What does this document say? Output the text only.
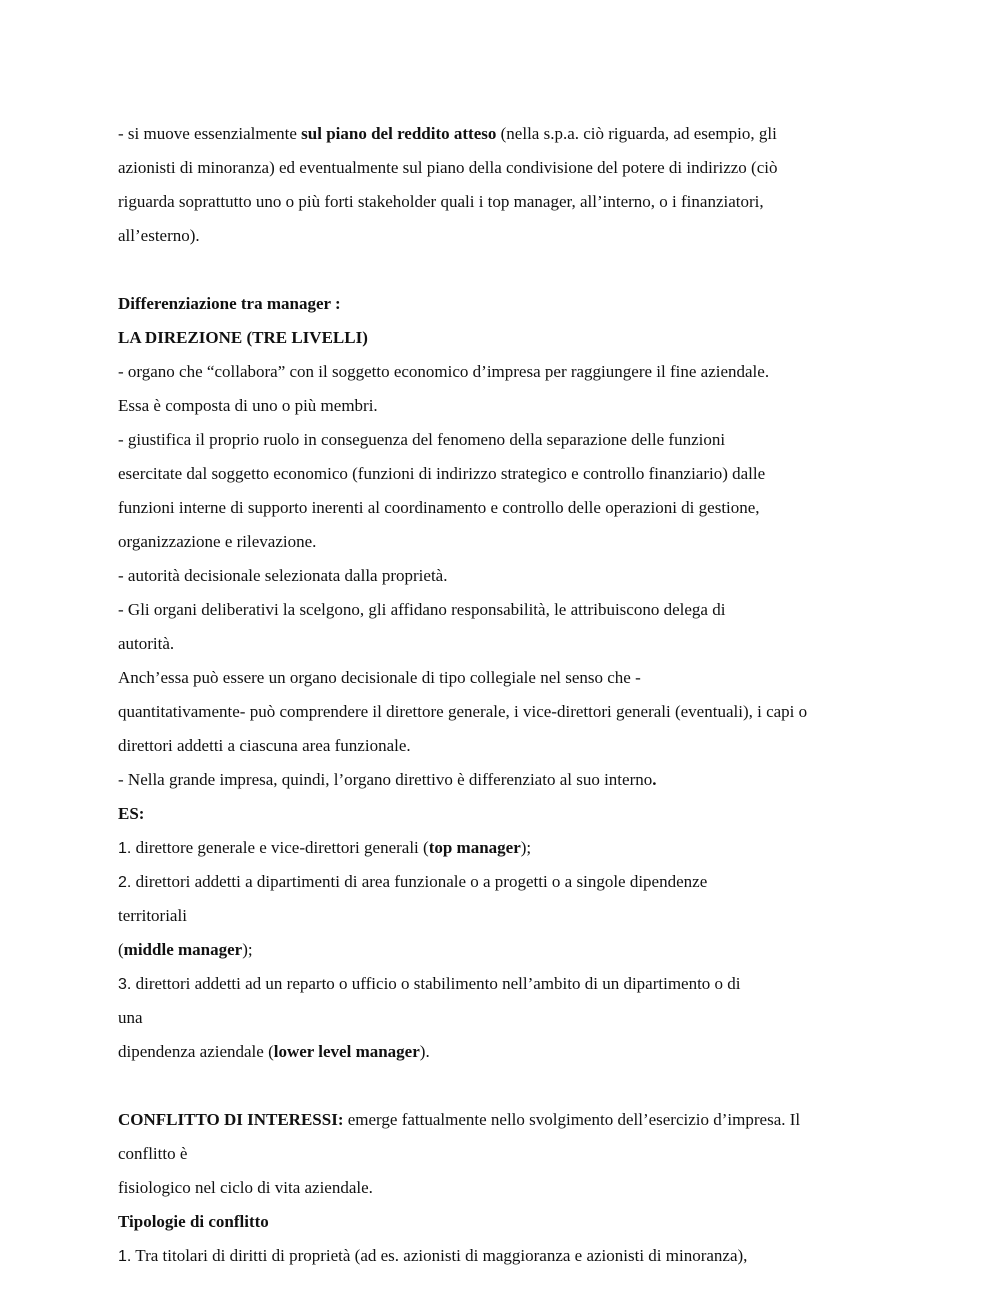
- si muove essenzialmente sul piano del reddito atteso (nella s.p.a. ciò riguarda, ad esempio, gli
azionisti di minoranza) ed eventualmente sul piano della condivisione del potere di indirizzo (ciò
riguarda soprattutto uno o più forti stakeholder quali i top manager, all’interno, o i finanziatori,
all’esterno).
Differenziazione tra manager :
LA DIREZIONE (TRE LIVELLI)
- organo che “collabora” con il soggetto economico d’impresa per raggiungere il fine aziendale.
Essa è composta di uno o più membri.
- giustifica il proprio ruolo in conseguenza del fenomeno della separazione delle funzioni
esercitate dal soggetto economico (funzioni di indirizzo strategico e controllo finanziario) dalle
funzioni interne di supporto inerenti al coordinamento e controllo delle operazioni di gestione,
organizzazione e rilevazione.
- autorità decisionale selezionata dalla proprietà.
- Gli organi deliberativi la scelgono, gli affidano responsabilità, le attribuiscono delega di
autorità.
Anch’essa può essere un organo decisionale di tipo collegiale nel senso che -
quantitativamente- può comprendere il direttore generale, i vice-direttori generali (eventuali), i capi o
direttori addetti a ciascuna area funzionale.
- Nella grande impresa, quindi, l’organo direttivo è differenziato al suo interno.
ES:
1. direttore generale e vice-direttori generali (top manager);
2. direttori addetti a dipartimenti di area funzionale o a progetti o a singole dipendenze
territoriali
(middle manager);
3. direttori addetti ad un reparto o ufficio o stabilimento nell’ambito di un dipartimento o di
una
dipendenza aziendale (lower level manager).
CONFLITTO DI INTERESSI: emerge fattualmente nello svolgimento dell’esercizio d’impresa. Il
conflitto è
fisiologico nel ciclo di vita aziendale.
Tipologie di conflitto
1. Tra titolari di diritti di proprietà (ad es. azionisti di maggioranza e azionisti di minoranza),
